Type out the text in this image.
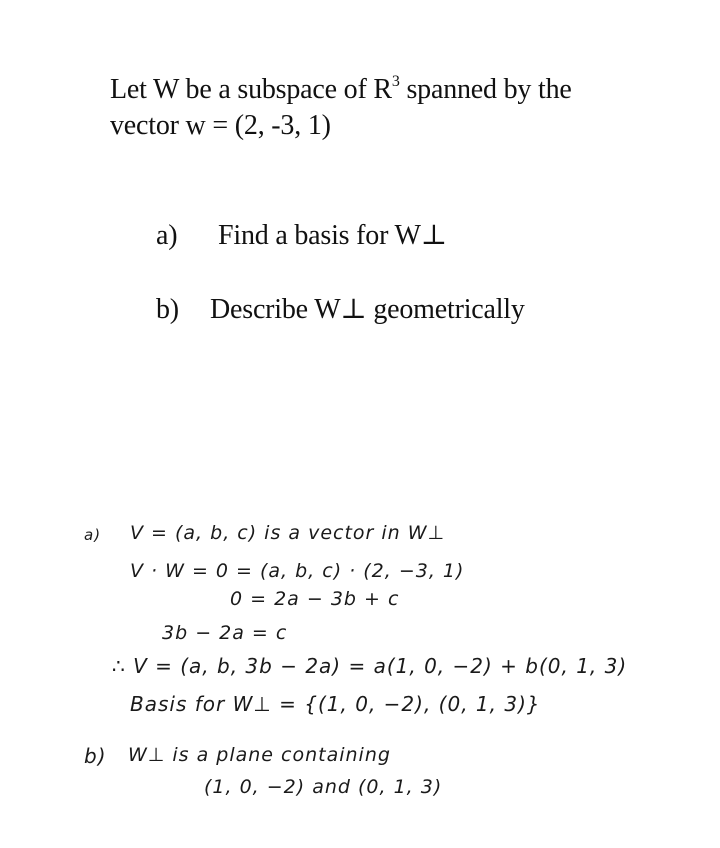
Let W be a subspace of $R^3$ spanned by the
vector w = (2, -3, 1)
a) Find a basis for W⊥
b) Describe W⊥ geometrically
a) V = (a, b, c) is a vector in W⊥
V · W = 0 = (a, b, c) · (2, −3, 1)
0 = 2a − 3b + c
3b − 2a = c
∴ V = (a, b, 3b − 2a) = a(1, 0, −2) + b(0, 1, 3)
Basis for W⊥ = {(1, 0, −2), (0, 1, 3)}
b) W⊥ is a plane containing
(1, 0, −2) and (0, 1, 3)
